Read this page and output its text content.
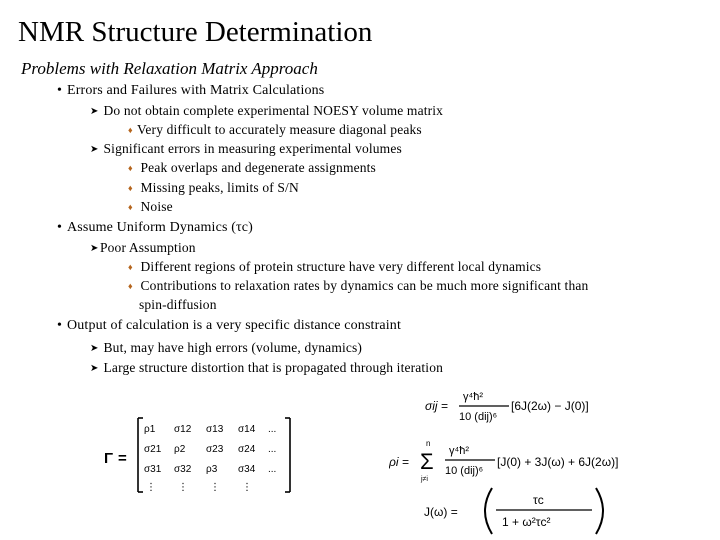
NMR Structure Determination
Problems with Relaxation Matrix Approach
• Errors and Failures with Matrix Calculations
➤ Do not obtain complete experimental NOESY volume matrix
♦ Very difficult to accurately measure diagonal peaks
➤ Significant errors in measuring experimental volumes
♦ Peak overlaps and degenerate assignments
♦ Missing peaks, limits of S/N
♦ Noise
• Assume Uniform Dynamics (τc)
➤Poor Assumption
♦ Different regions of protein structure have very different local dynamics
♦ Contributions to relaxation rates by dynamics can be much more significant than
spin-diffusion
• Output of calculation is a very specific distance constraint
➤ But, may have high errors (volume, dynamics)
➤ Large structure distortion that is propagated through iteration
Γ =
ρ1 σ12 σ13 σ14 ...
σ21 ρ2 σ23 σ24 ...
σ31 σ32 ρ3 σ34 ...
⋮ ⋮ ⋮ ⋮
σij =
γ⁴ħ²
10 (dij)⁶
[6J(2ω) − J(0)]
ρi =
n
Σ
j≠i
γ⁴ħ²
10 (dij)⁶
[J(0) + 3J(ω) + 6J(2ω)]
J(ω) =
τc
1 + ω²τc²
